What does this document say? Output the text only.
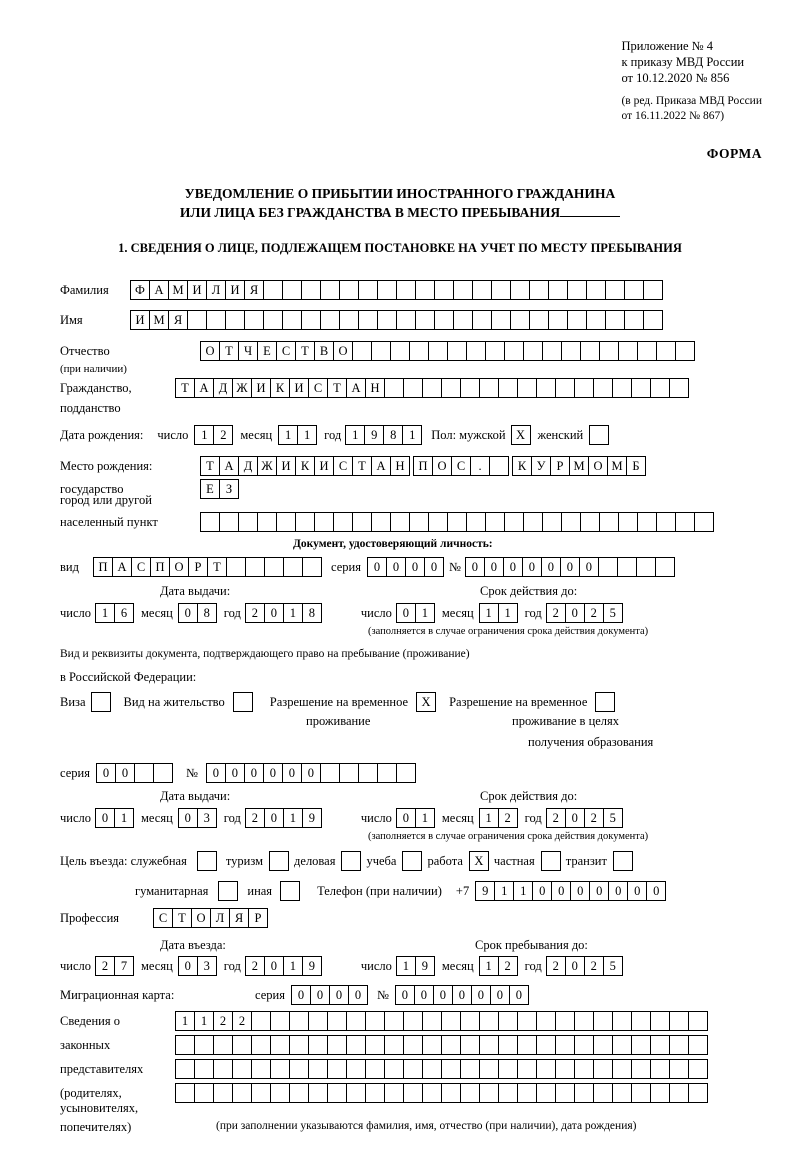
Приложение № 4
к приказу МВД России
от 10.12.2020 № 856
(в ред. Приказа МВД России
от 16.11.2022 № 867)
ФОРМА
УВЕДОМЛЕНИЕ О ПРИБЫТИИ ИНОСТРАННОГО ГРАЖДАНИНА
ИЛИ ЛИЦА БЕЗ ГРАЖДАНСТВА В МЕСТО ПРЕБЫВАНИЯ
1. СВЕДЕНИЯ О ЛИЦЕ, ПОДЛЕЖАЩЕМ ПОСТАНОВКЕ НА УЧЕТ ПО МЕСТУ ПРЕБЫВАНИЯ
Фамилия	Ф А М И Л И Я
Имя	И М Я
Отчество	О Т Ч Е С Т В О
(при наличии)
Гражданство,	Т А Д Ж И К И С Т А Н
подданство
Дата рождения: число	1	2	месяц	1	1	год 1	9	8	1	Пол: мужской X женский
Место рождения:	Т А Д Ж И К И С Т А Н	П О С	.	К У Р М О М Б
государство	Е З
город или другой
населенный пункт
Документ, удостоверяющий личность:
вид	П А С П О Р Т	серия	0	0	0	0 № 0	0	0	0	0	0	0
Дата выдачи:	Срок действия до:
число 1	6	месяц 0	8	год 2	0	1	8	число 0	1	месяц 1	1	год 2	0	2	5
(заполняется в случае ограничения срока действия документа)
Вид и реквизиты документа, подтверждающего право на пребывание (проживание)
в Российской Федерации:
Виза	Вид на жительство	Разрешение на временное	X	Разрешение на временное
проживание	проживание в целях
получения образования
серия	0	0	№	0	0	0	0	0	0
Дата выдачи:	Срок действия до:
число 0	1	месяц 0	3	год 2	0	1	9	число 0	1	месяц 1	2	год 2	0	2	5
(заполняется в случае ограничения срока действия документа)
Цель въезда: служебная	туризм деловая учеба работа X частная транзит
гуманитарная	иная	Телефон (при наличии) +7	9	1	1	0	0	0	0	0	0	0
Профессия	С Т О Л Я Р
Дата въезда:	Срок пребывания до:
число 2	7	месяц 0	3	год 2	0	1	9	число 1	9	месяц 1	2	год 2	0	2	5
Миграционная карта:	серия	0	0	0	0	№	0	0	0	0	0	0	0
Сведения о	1	1	2	2
законных
представителях
(родителях,
усыновителях,
попечителях)	(при заполнении указываются фамилия, имя, отчество (при наличии), дата рождения)
